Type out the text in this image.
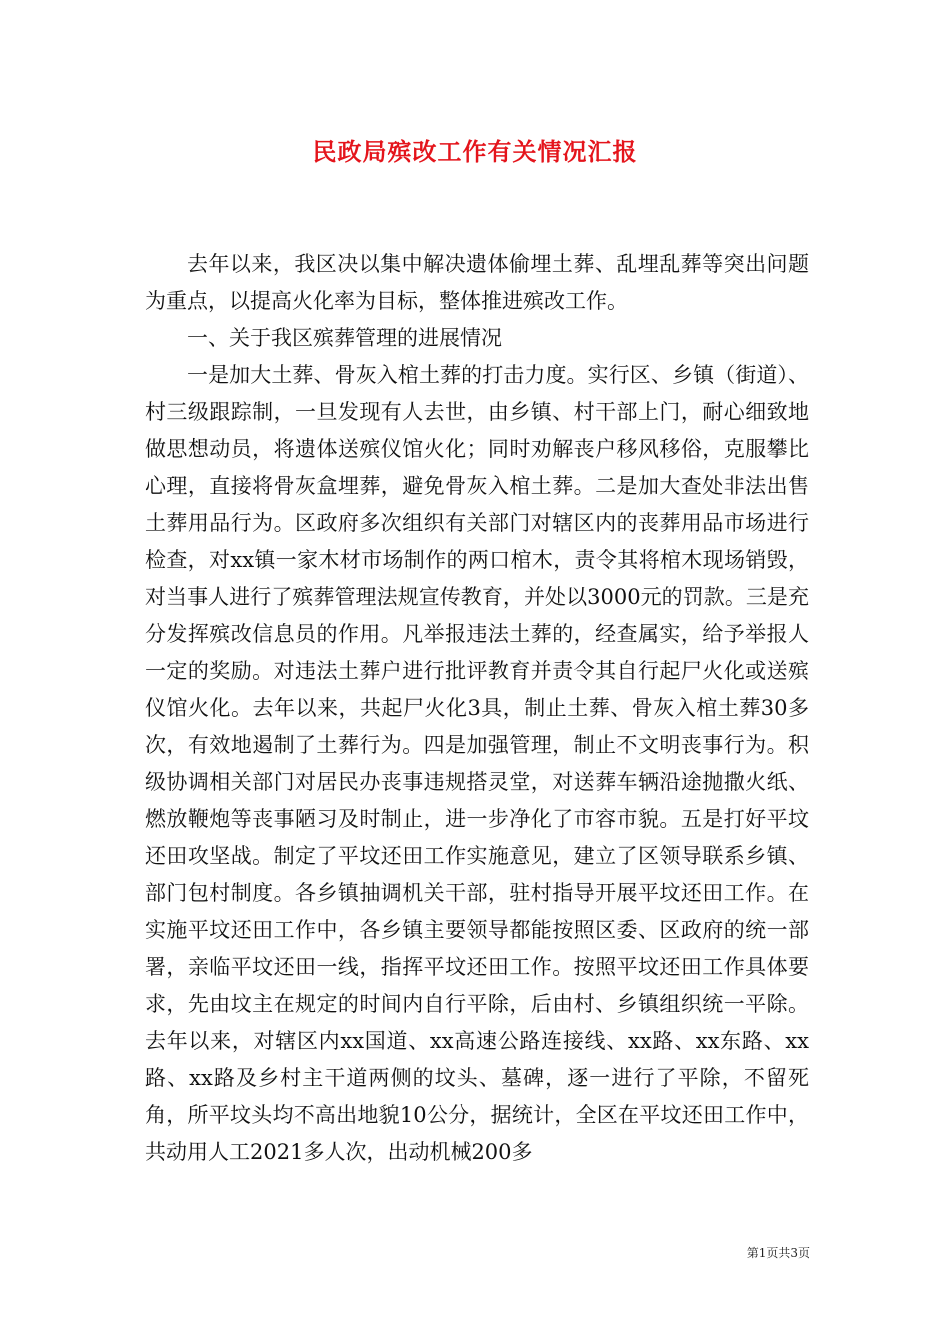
民政局殡改工作有关情况汇报

去年以来，我区决以集中解决遗体偷埋土葬、乱埋乱葬等突出问题为重点，以提高火化率为目标，整体推进殡改工作。

一、关于我区殡葬管理的进展情况

一是加大土葬、骨灰入棺土葬的打击力度。实行区、乡镇（街道）、村三级跟踪制，一旦发现有人去世，由乡镇、村干部上门，耐心细致地做思想动员，将遗体送殡仪馆火化；同时劝解丧户移风移俗，克服攀比心理，直接将骨灰盒埋葬，避免骨灰入棺土葬。二是加大查处非法出售土葬用品行为。区政府多次组织有关部门对辖区内的丧葬用品市场进行检查，对xx镇一家木材市场制作的两口棺木，责令其将棺木现场销毁，对当事人进行了殡葬管理法规宣传教育，并处以3000元的罚款。三是充分发挥殡改信息员的作用。凡举报违法土葬的，经查属实，给予举报人一定的奖励。对违法土葬户进行批评教育并责令其自行起尸火化或送殡仪馆火化。去年以来，共起尸火化3具，制止土葬、骨灰入棺土葬30多次，有效地遏制了土葬行为。四是加强管理，制止不文明丧事行为。积级协调相关部门对居民办丧事违规搭灵堂，对送葬车辆沿途抛撒火纸、燃放鞭炮等丧事陋习及时制止，进一步净化了市容市貌。五是打好平坟还田攻坚战。制定了平坟还田工作实施意见，建立了区领导联系乡镇、部门包村制度。各乡镇抽调机关干部，驻村指导开展平坟还田工作。在实施平坟还田工作中，各乡镇主要领导都能按照区委、区政府的统一部署，亲临平坟还田一线，指挥平坟还田工作。按照平坟还田工作具体要求，先由坟主在规定的时间内自行平除，后由村、乡镇组织统一平除。去年以来，对辖区内xx国道、xx高速公路连接线、xx路、xx东路、xx路、xx路及乡村主干道两侧的坟头、墓碑，逐一进行了平除，不留死角，所平坟头均不高出地貌10公分，据统计，全区在平坟还田工作中，共动用人工2021多人次，出动机械200多

第1页共3页
